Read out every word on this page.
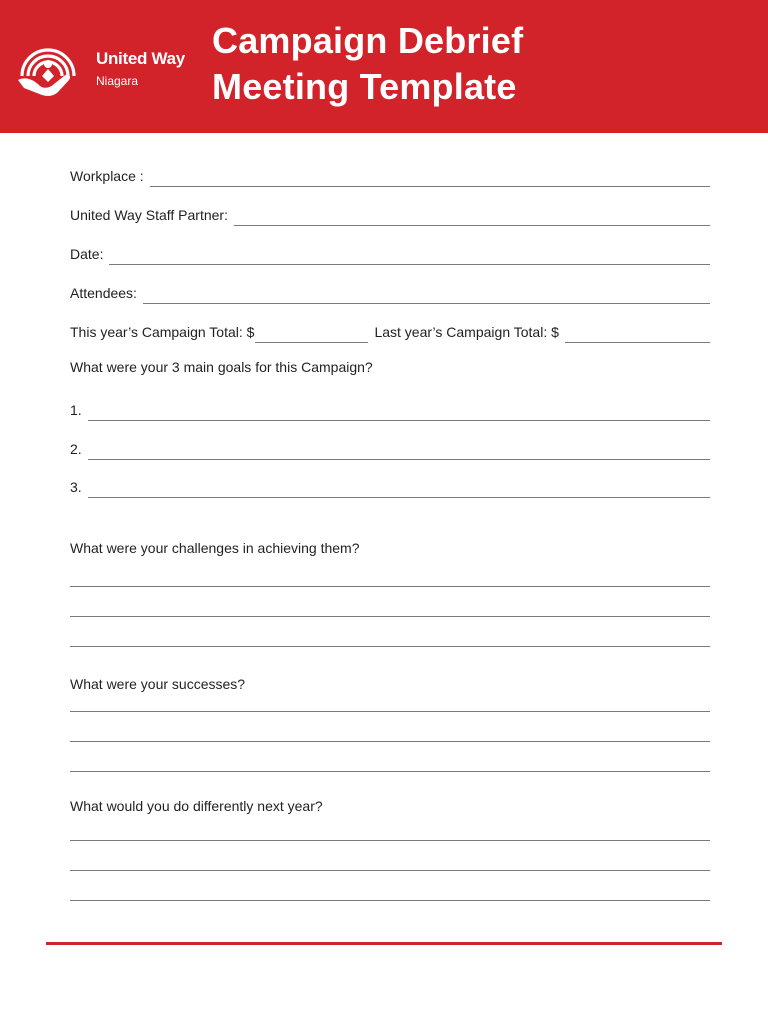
United Way
Niagara
Campaign Debrief
Meeting Template
Workplace :
United Way Staff Partner:
Date:
Attendees:
This year’s Campaign Total: $	Last year’s Campaign Total: $
What were your 3 main goals for this Campaign?
1.
2.
3.
What were your challenges in achieving them?
What were your successes?
What would you do differently next year?
